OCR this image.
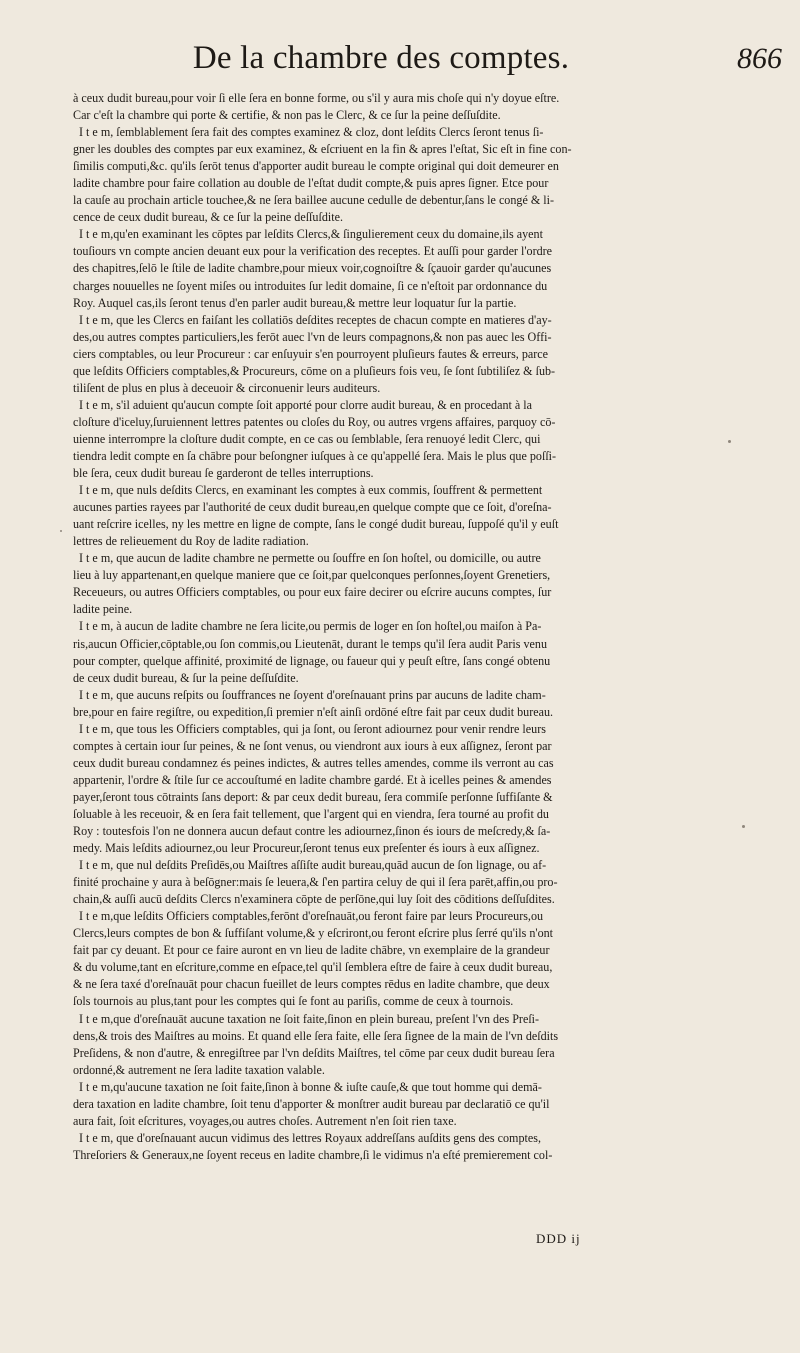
De la chambre des comptes.	866
à ceux dudit bureau,pour voir ſi elle ſera en bonne forme, ou s'il y aura mis choſe qui n'y doyue eſtre.
Car c'eſt la chambre qui porte & certifie, & non pas le Clerc, & ce ſur la peine deſſuſdite.
I t e m, ſemblablement ſera fait des comptes examinez & cloz, dont leſdits Clercs ſeront tenus ſi-
gner les doubles des comptes par eux examinez, & eſcriuent en la fin & apres l'eſtat, Sic eſt in fine con-
ſimilis computi,&c. qu'ils ſerōt tenus d'apporter audit bureau le compte original qui doit demeurer en
ladite chambre pour faire collation au double de l'eſtat dudit compte,& puis apres ſigner. Etce pour
la cauſe au prochain article touchee,& ne ſera baillee aucune cedulle de debentur,ſans le congé & li-
cence de ceux dudit bureau, & ce ſur la peine deſſuſdite.
I t e m,qu'en examinant les cōptes par leſdits Clercs,& ſingulierement ceux du domaine,ils ayent
touſiours vn compte ancien deuant eux pour la verification des receptes. Et auſſi pour garder l'ordre
des chapitres,ſelō le ſtile de ladite chambre,pour mieux voir,cognoiſtre & ſçauoir garder qu'aucunes
charges nouuelles ne ſoyent miſes ou introduites ſur ledit domaine, ſi ce n'eſtoit par ordonnance du
Roy. Auquel cas,ils ſeront tenus d'en parler audit bureau,& mettre leur loquatur ſur la partie.
I t e m, que les Clercs en faiſant les collatiōs deſdites receptes de chacun compte en matieres d'ay-
des,ou autres comptes particuliers,les ferōt auec l'vn de leurs compagnons,& non pas auec les Offi-
ciers comptables, ou leur Procureur : car enſuyuir s'en pourroyent pluſieurs fautes & erreurs, parce
que leſdits Officiers comptables,& Procureurs, cōme on a pluſieurs fois veu, ſe ſont ſubtiliſez & ſub-
tiliſent de plus en plus à deceuoir & circonuenir leurs auditeurs.
I t e m, s'il aduient qu'aucun compte ſoit apporté pour clorre audit bureau, & en procedant à la
cloſture d'iceluy,ſuruiennent lettres patentes ou cloſes du Roy, ou autres vrgens affaires, parquoy cō-
uienne interrompre la cloſture dudit compte, en ce cas ou ſemblable, ſera renuoyé ledit Clerc, qui
tiendra ledit compte en ſa chābre pour beſongner iuſques à ce qu'appellé ſera. Mais le plus que poſſi-
ble ſera, ceux dudit bureau ſe garderont de telles interruptions.
I t e m, que nuls deſdits Clercs, en examinant les comptes à eux commis, ſouffrent & permettent
aucunes parties rayees par l'authorité de ceux dudit bureau,en quelque compte que ce ſoit, d'oreſna-
uant reſcrire icelles, ny les mettre en ligne de compte, ſans le congé dudit bureau, ſuppoſé qu'il y euſt
lettres de relieuement du Roy de ladite radiation.
I t e m, que aucun de ladite chambre ne permette ou ſouffre en ſon hoſtel, ou domicille, ou autre
lieu à luy appartenant,en quelque maniere que ce ſoit,par quelconques perſonnes,ſoyent Grenetiers,
Receueurs, ou autres Officiers comptables, ou pour eux faire decirer ou eſcrire aucuns comptes, ſur
ladite peine.
I t e m, à aucun de ladite chambre ne ſera licite,ou permis de loger en ſon hoſtel,ou maiſon à Pa-
ris,aucun Officier,cōptable,ou ſon commis,ou Lieutenāt, durant le temps qu'il ſera audit Paris venu
pour compter, quelque affinité, proximité de lignage, ou faueur qui y peuſt eſtre, ſans congé obtenu
de ceux dudit bureau, & ſur la peine deſſuſdite.
I t e m, que aucuns reſpits ou ſouffrances ne ſoyent d'oreſnauant prins par aucuns de ladite cham-
bre,pour en faire regiſtre, ou expedition,ſi premier n'eſt ainſi ordōné eſtre fait par ceux dudit bureau.
I t e m, que tous les Officiers comptables, qui ja ſont, ou ſeront adiournez pour venir rendre leurs
comptes à certain iour ſur peines, & ne ſont venus, ou viendront aux iours à eux aſſignez, ſeront par
ceux dudit bureau condamnez és peines indictes, & autres telles amendes, comme ils verront au cas
appartenir, l'ordre & ſtile ſur ce accouſtumé en ladite chambre gardé. Et à icelles peines & amendes
payer,ſeront tous cōtraints ſans deport: & par ceux dedit bureau, ſera commiſe perſonne ſuffiſante &
ſoluable à les receuoir, & en ſera fait tellement, que l'argent qui en viendra, ſera tourné au profit du
Roy : toutesfois l'on ne donnera aucun defaut contre les adiournez,ſinon és iours de meſcredy,& ſa-
medy. Mais leſdits adiournez,ou leur Procureur,ſeront tenus eux preſenter és iours à eux aſſignez.
I t e m, que nul deſdits Preſidēs,ou Maiſtres aſſiſte audit bureau,quād aucun de ſon lignage, ou af-
finité prochaine y aura à beſōgner:mais ſe leuera,& ſ'en partira celuy de qui il ſera parēt,affin,ou pro-
chain,& auſſi aucū deſdits Clercs n'examinera cōpte de perſōne,qui luy ſoit des cōditions deſſuſdites.
I t e m,que leſdits Officiers comptables,ferōnt d'oreſnauāt,ou feront faire par leurs Procureurs,ou
Clercs,leurs comptes de bon & ſuffiſant volume,& y eſcriront,ou feront eſcrire plus ſerré qu'ils n'ont
fait par cy deuant. Et pour ce faire auront en vn lieu de ladite chābre, vn exemplaire de la grandeur
& du volume,tant en eſcriture,comme en eſpace,tel qu'il ſemblera eſtre de faire à ceux dudit bureau,
& ne ſera taxé d'oreſnauāt pour chacun fueillet de leurs comptes rēdus en ladite chambre, que deux
ſols tournois au plus,tant pour les comptes qui ſe font au pariſis, comme de ceux à tournois.
I t e m,que d'oreſnauāt aucune taxation ne ſoit faite,ſinon en plein bureau, preſent l'vn des Preſi-
dens,& trois des Maiſtres au moins. Et quand elle ſera faite, elle ſera ſignee de la main de l'vn deſdits
Preſidens, & non d'autre, & enregiſtree par l'vn deſdits Maiſtres, tel cōme par ceux dudit bureau ſera
ordonné,& autrement ne ſera ladite taxation valable.
I t e m,qu'aucune taxation ne ſoit faite,ſinon à bonne & iuſte cauſe,& que tout homme qui demā-
dera taxation en ladite chambre, ſoit tenu d'apporter & monſtrer audit bureau par declaratiō ce qu'il
aura fait, ſoit eſcritures, voyages,ou autres choſes. Autrement n'en ſoit rien taxe.
I t e m, que d'oreſnauant aucun vidimus des lettres Royaux addreſſans auſdits gens des comptes,
Threſoriers & Generaux,ne ſoyent receus en ladite chambre,ſi le vidimus n'a eſté premierement col-
DDD ij
